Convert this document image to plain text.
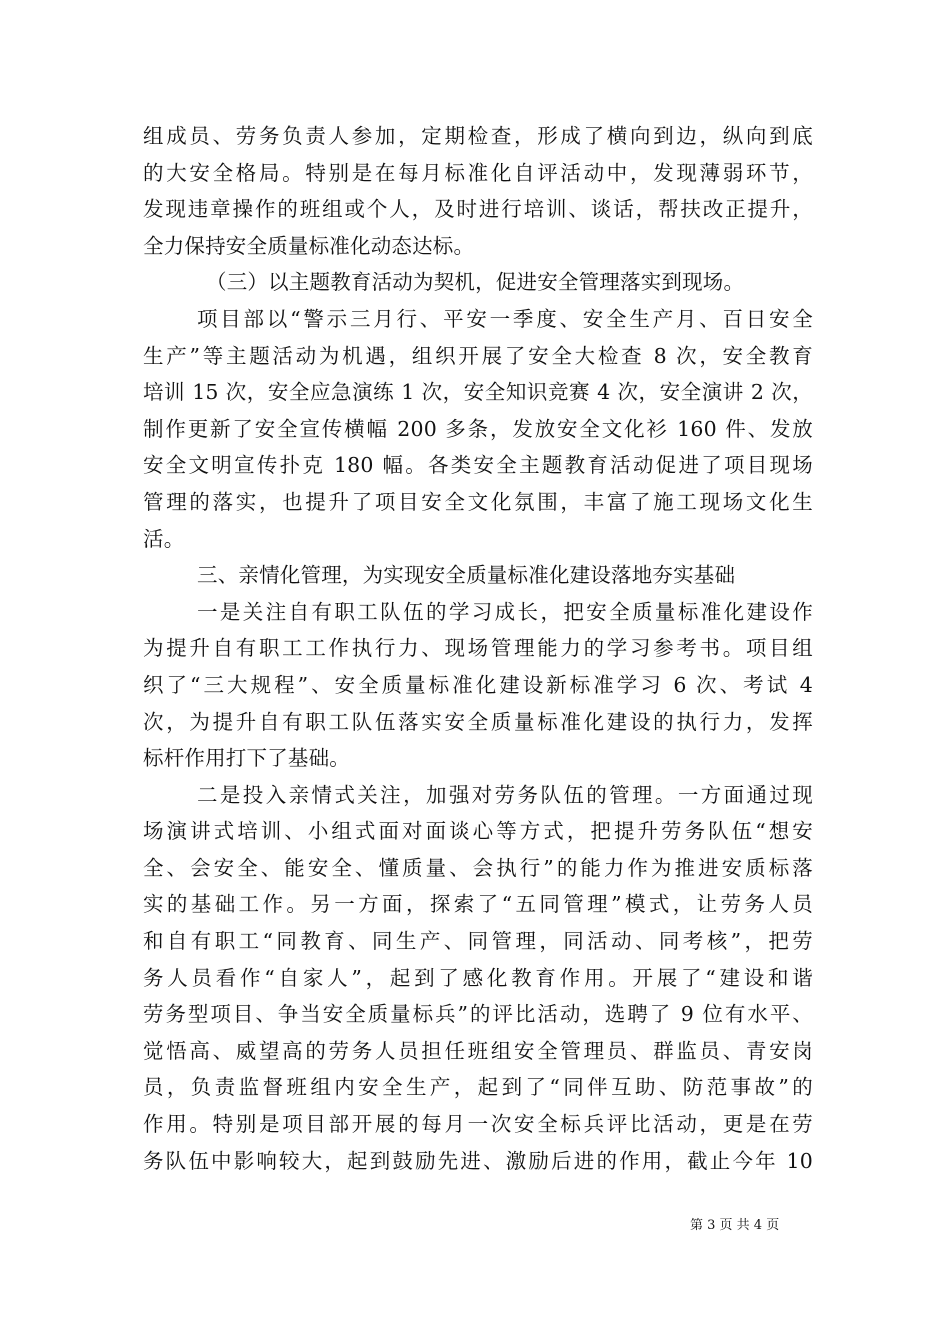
组成员、劳务负责人参加，定期检查，形成了横向到边，纵向到底
的大安全格局。特别是在每月标准化自评活动中，发现薄弱环节，
发现违章操作的班组或个人，及时进行培训、谈话，帮扶改正提升，
全力保持安全质量标准化动态达标。
（三）以主题教育活动为契机，促进安全管理落实到现场。
项目部以“警示三月行、平安一季度、安全生产月、百日安全
生产”等主题活动为机遇，组织开展了安全大检查 8 次，安全教育
培训 15 次，安全应急演练 1 次，安全知识竞赛 4 次，安全演讲 2 次，
制作更新了安全宣传横幅 200 多条，发放安全文化衫 160 件、发放
安全文明宣传扑克 180 幅。各类安全主题教育活动促进了项目现场
管理的落实，也提升了项目安全文化氛围，丰富了施工现场文化生
活。
三、亲情化管理，为实现安全质量标准化建设落地夯实基础
一是关注自有职工队伍的学习成长，把安全质量标准化建设作
为提升自有职工工作执行力、现场管理能力的学习参考书。项目组
织了“三大规程”、安全质量标准化建设新标准学习 6 次、考试 4
次，为提升自有职工队伍落实安全质量标准化建设的执行力，发挥
标杆作用打下了基础。
二是投入亲情式关注，加强对劳务队伍的管理。一方面通过现
场演讲式培训、小组式面对面谈心等方式，把提升劳务队伍“想安
全、会安全、能安全、懂质量、会执行”的能力作为推进安质标落
实的基础工作。另一方面，探索了“五同管理”模式，让劳务人员
和自有职工“同教育、同生产、同管理，同活动、同考核”，把劳
务人员看作“自家人”，起到了感化教育作用。开展了“建设和谐
劳务型项目、争当安全质量标兵”的评比活动，选聘了 9 位有水平、
觉悟高、威望高的劳务人员担任班组安全管理员、群监员、青安岗
员，负责监督班组内安全生产，起到了“同伴互助、防范事故”的
作用。特别是项目部开展的每月一次安全标兵评比活动，更是在劳
务队伍中影响较大，起到鼓励先进、激励后进的作用，截止今年 10
第 3 页 共 4 页
